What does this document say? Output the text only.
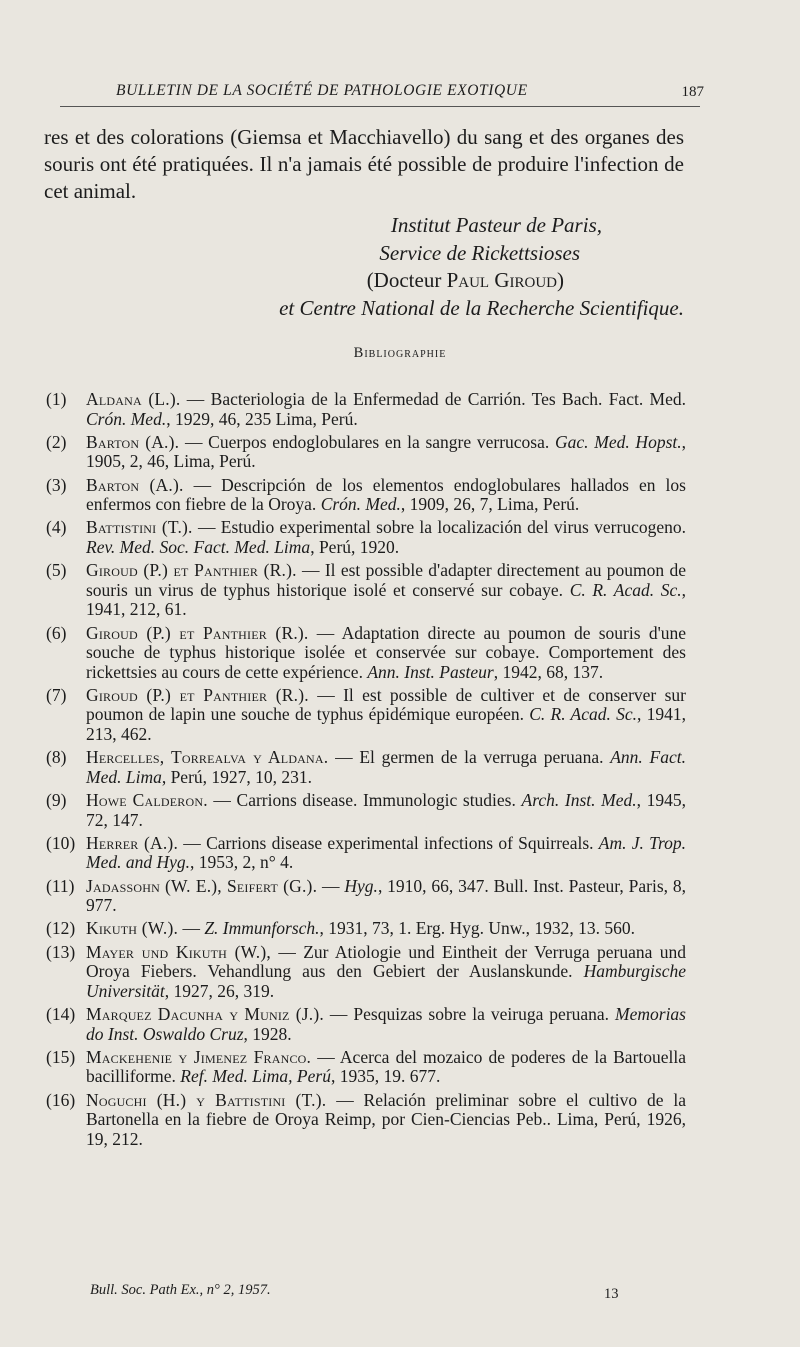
BULLETIN DE LA SOCIÉTÉ DE PATHOLOGIE EXOTIQUE	187

res et des colorations (Giemsa et Macchiavello) du sang et des organes des souris ont été pratiquées. Il n'a jamais été possible de produire l'infection de cet animal.

Institut Pasteur de Paris,
Service de Rickettsioses
(Docteur Paul Giroud)
et Centre National de la Recherche Scientifique.
Bibliographie
(1) Aldana (L.). — Bacteriologia de la Enfermedad de Carrión. Tes Bach. Fact. Med. Crón. Med., 1929, 46, 235 Lima, Perú.
(2) Barton (A.). — Cuerpos endoglobulares en la sangre verrucosa. Gac. Med. Hopst., 1905, 2, 46, Lima, Perú.
(3) Barton (A.). — Descripción de los elementos endoglobulares hallados en los enfermos con fiebre de la Oroya. Crón. Med., 1909, 26, 7, Lima, Perú.
(4) Battistini (T.). — Estudio experimental sobre la localización del virus verrucogeno. Rev. Med. Soc. Fact. Med. Lima, Perú, 1920.
(5) Giroud (P.) et Panthier (R.). — Il est possible d'adapter directement au poumon de souris un virus de typhus historique isolé et conservé sur cobaye. C. R. Acad. Sc., 1941, 212, 61.
(6) Giroud (P.) et Panthier (R.). — Adaptation directe au poumon de souris d'une souche de typhus historique isolée et conservée sur cobaye. Comportement des rickettsies au cours de cette expérience. Ann. Inst. Pasteur, 1942, 68, 137.
(7) Giroud (P.) et Panthier (R.). — Il est possible de cultiver et de conserver sur poumon de lapin une souche de typhus épidémique européen. C. R. Acad. Sc., 1941, 213, 462.
(8) Hercelles, Torrealva y Aldana. — El germen de la verruga peruana. Ann. Fact. Med. Lima, Perú, 1927, 10, 231.
(9) Howe Calderon. — Carrions disease. Immunologic studies. Arch. Inst. Med., 1945, 72, 147.
(10) Herrer (A.). — Carrions disease experimental infections of Squirreals. Am. J. Trop. Med. and Hyg., 1953, 2, n° 4.
(11) Jadassohn (W. E.), Seifert (G.). — Hyg., 1910, 66, 347. Bull. Inst. Pasteur, Paris, 8, 977.
(12) Kikuth (W.). — Z. Immunforsch., 1931, 73, 1. Erg. Hyg. Unw., 1932, 13. 560.
(13) Mayer und Kikuth (W.), — Zur Atiologie und Eintheit der Verruga peruana und Oroya Fiebers. Vehandlung aus den Gebiert der Auslanskunde. Hamburgische Universität, 1927, 26, 319.
(14) Marquez Dacunha y Muniz (J.). — Pesquizas sobre la veiruga peruana. Memorias do Inst. Oswaldo Cruz, 1928.
(15) Mackehenie y Jimenez Franco. — Acerca del mozaico de poderes de la Bartouella bacilliforme. Ref. Med. Lima, Perú, 1935, 19. 677.
(16) Noguchi (H.) y Battistini (T.). — Relación preliminar sobre el cultivo de la Bartonella en la fiebre de Oroya Reimp, por Cien-Ciencias Peb.. Lima, Perú, 1926, 19, 212.
Bull. Soc. Path Ex., n° 2, 1957.	13
